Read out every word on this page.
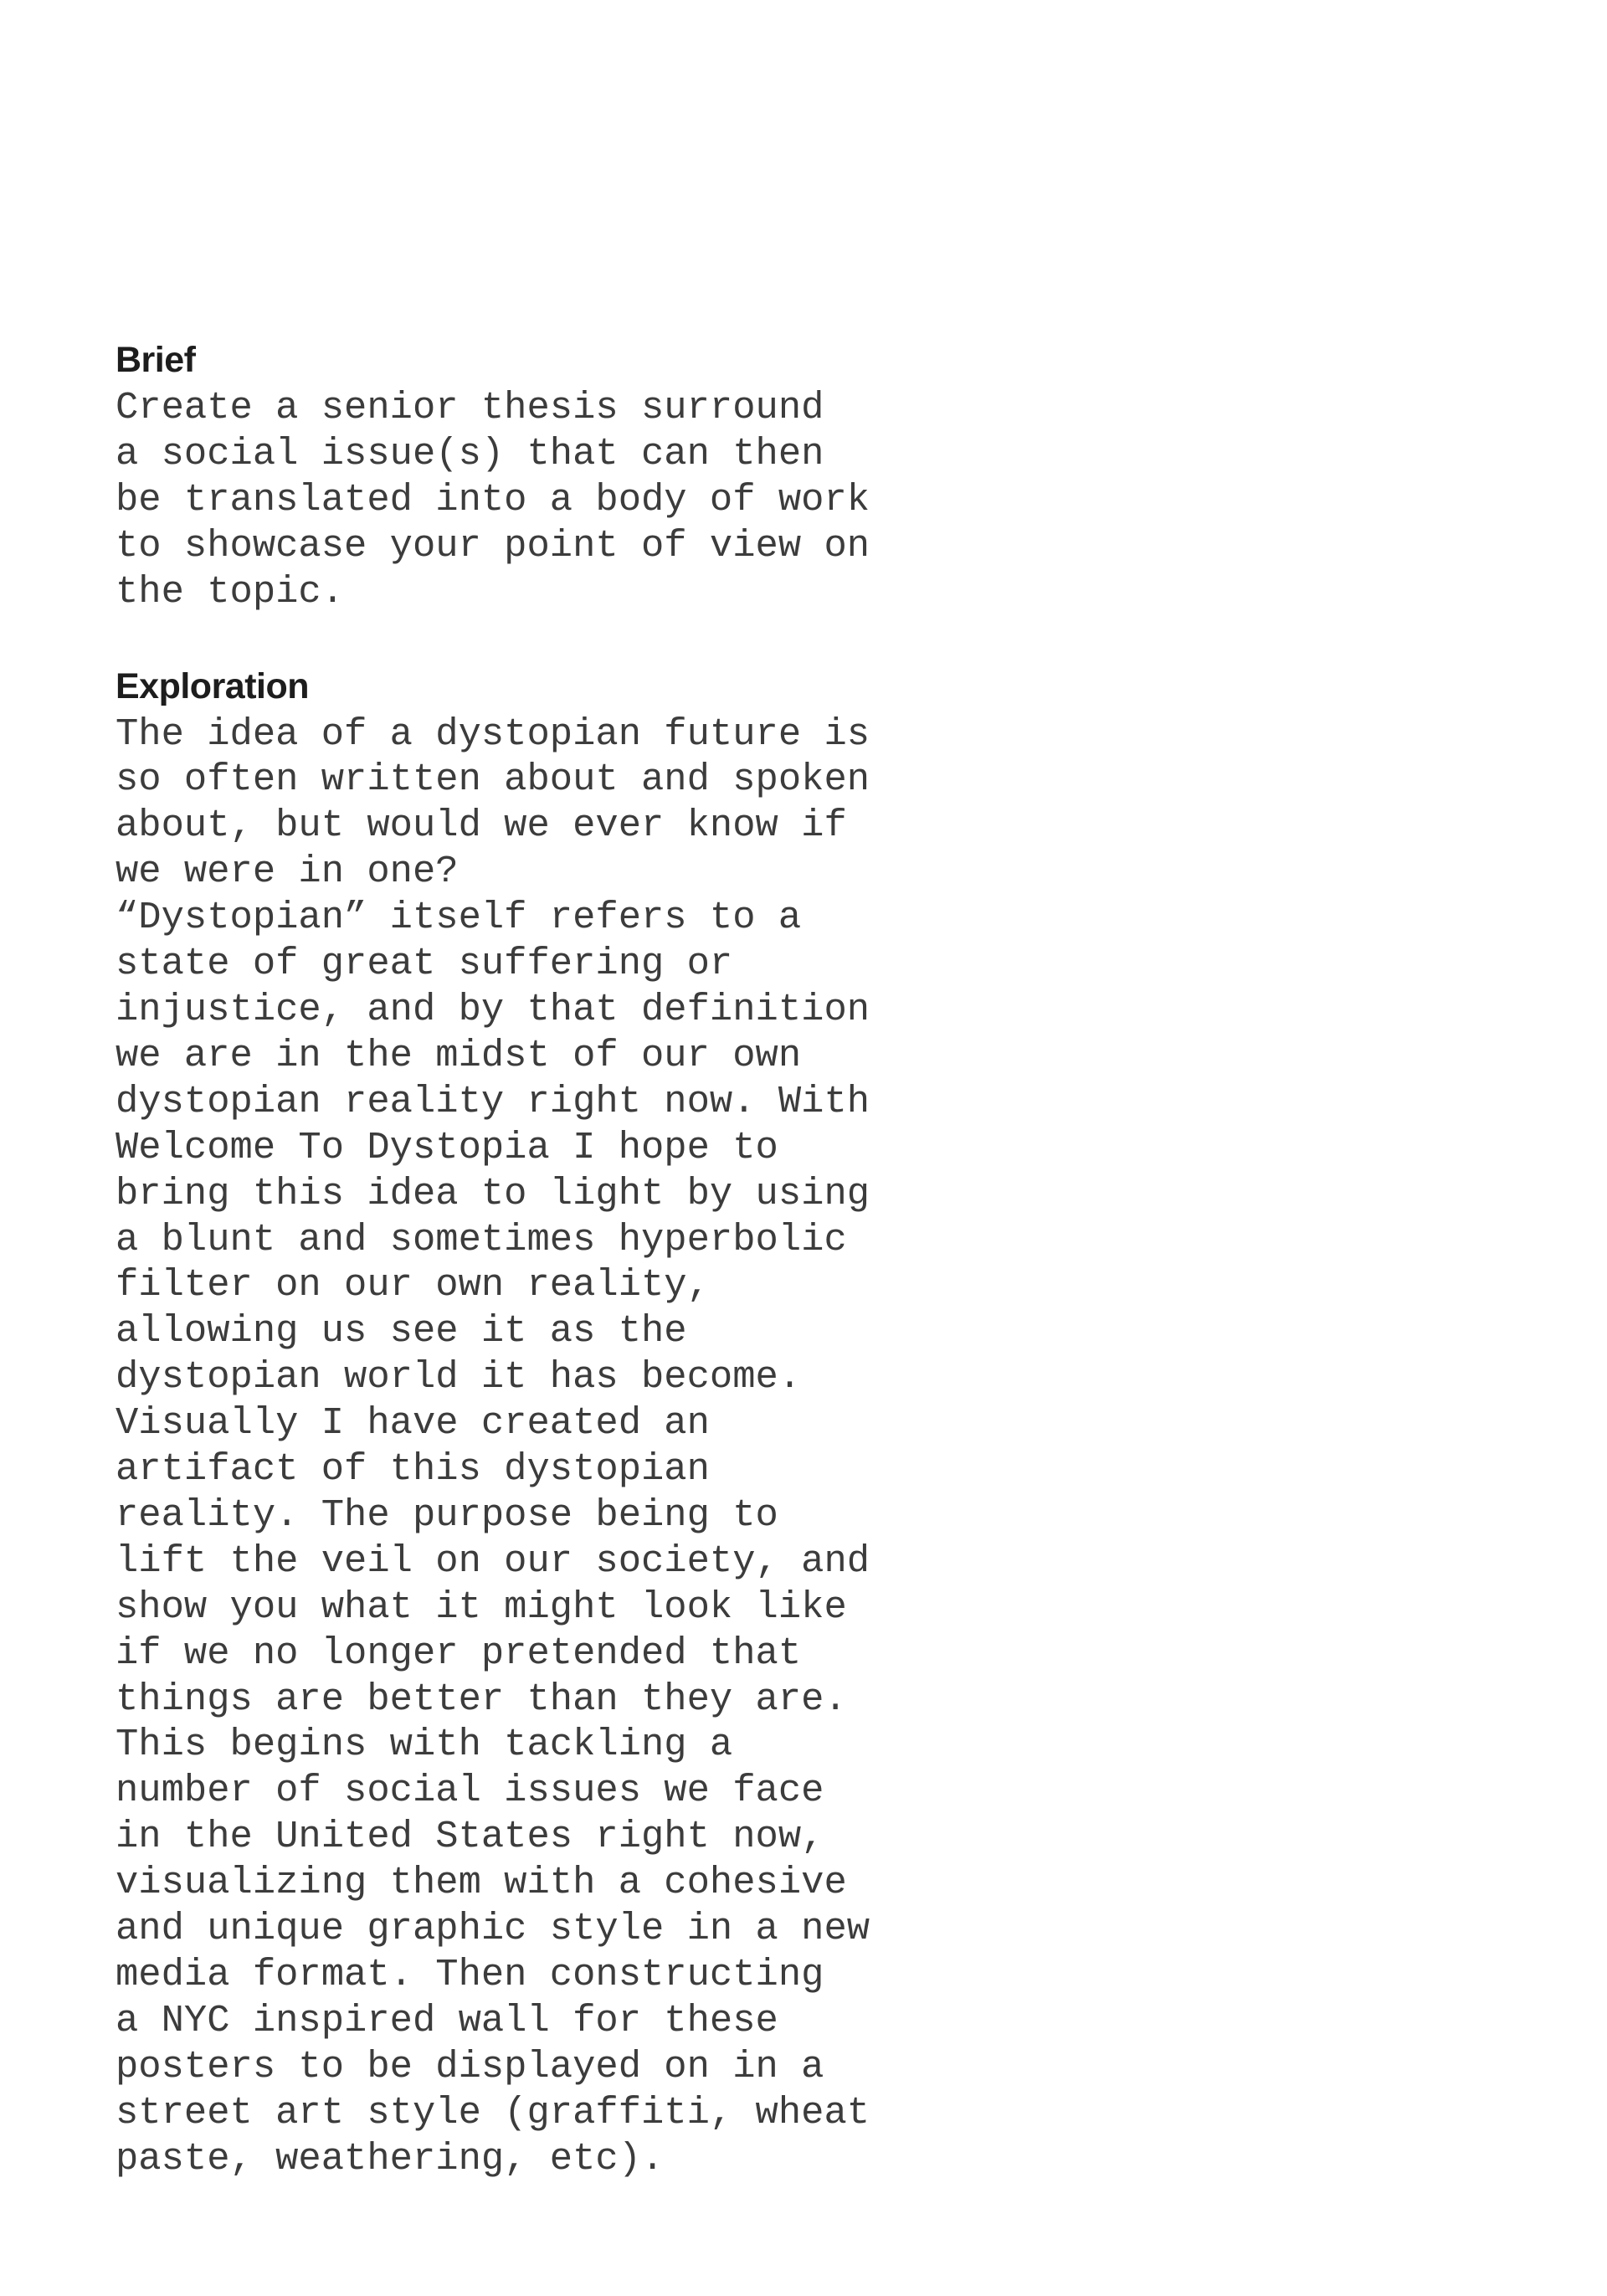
Brief
Create a senior thesis surround
a social issue(s) that can then
be translated into a body of work
to showcase your point of view on
the topic.
Exploration
The idea of a dystopian future is
so often written about and spoken
about, but would we ever know if
we were in one?
“Dystopian” itself refers to a
state of great suffering or
injustice, and by that definition
we are in the midst of our own
dystopian reality right now. With
Welcome To Dystopia I hope to
bring this idea to light by using
a blunt and sometimes hyperbolic
filter on our own reality,
allowing us see it as the
dystopian world it has become.
Visually I have created an
artifact of this dystopian
reality. The purpose being to
lift the veil on our society, and
show you what it might look like
if we no longer pretended that
things are better than they are.
This begins with tackling a
number of social issues we face
in the United States right now,
visualizing them with a cohesive
and unique graphic style in a new
media format. Then constructing
a NYC inspired wall for these
posters to be displayed on in a
street art style (graffiti, wheat
paste, weathering, etc).
